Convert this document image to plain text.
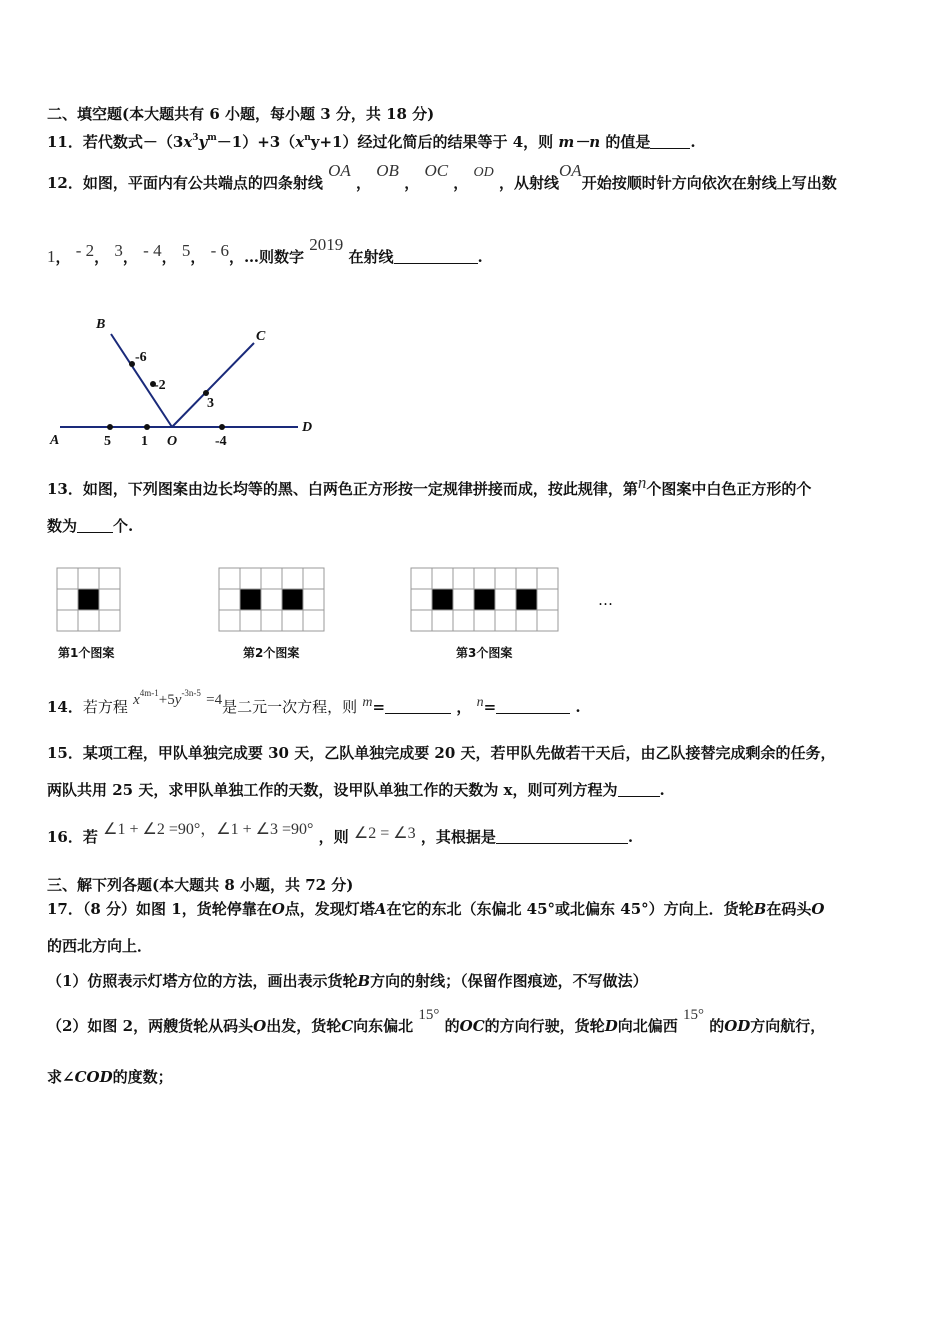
二、填空题(本大题共有 6 小题，每小题 3 分，共 18 分)
11．若代数式$-(3x^3y^m-1)+3(x^ny+1)$经过化简后的结果等于 4，则 m－n 的值是	.
12．如图，平面内有公共端点的四条射线 OA ， OB ， OC ， OD ，从射线OA开始按顺时针方向依次在射线上写出数
1， - 2， 3， - 4， 5， - 6，…则数字 2019 在射线	.
A
B
C
D
O
5 1	-4
3
-2
-6
13．如图，下列图案由边长均等的黑、白两色正方形按一定规律拼接而成，按此规律，第n个图案中白色正方形的个
数为 个.
第1个图案	第2个图案	第3个图案
…
14．若方程 $x^{4m-1}+5y^{-3n-5} =4$是二元一次方程，则 m=	， n=	.
15．某项工程，甲队单独完成要 30 天，乙队单独完成要 20 天，若甲队先做若干天后，由乙队接替完成剩余的任务，
两队共用 25 天，求甲队单独工作的天数，设甲队单独工作的天数为 x，则可列方程为	.
16．若 ∠1 + ∠2 =90°，∠1 + ∠3 =90° ，则 ∠2 = ∠3 ，其根据是	.
三、解下列各题(本大题共 8 小题，共 72 分)
17．（8 分）如图 1，货轮停靠在O点，发现灯塔A在它的东北（东偏北 45°或北偏东 45°）方向上．货轮B在码头O
的西北方向上．
（1）仿照表示灯塔方位的方法，画出表示货轮B方向的射线；（保留作图痕迹，不写做法）
（2）如图 2，两艘货轮从码头O出发，货轮C向东偏北 15° 的OC的方向行驶，货轮D向北偏西 15° 的OD方向航行，
求∠COD的度数；
